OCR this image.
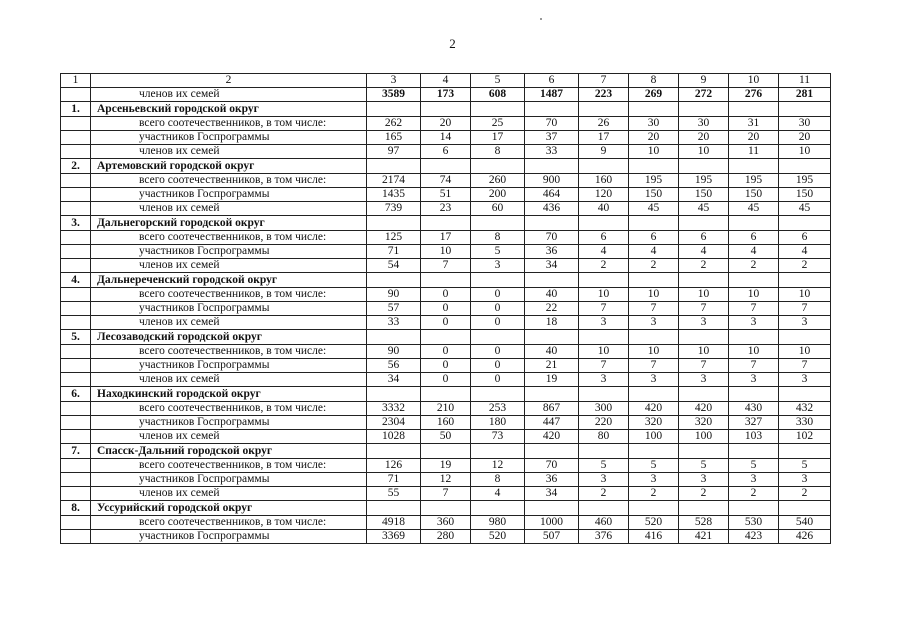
2
1	2	3	4	5	6	7	8	9	10	11
	членов их семей	3589	173	608	1487	223	269	272	276	281
1.	Арсеньевский городской округ									
	всего соотечественников, в том числе:	262	20	25	70	26	30	30	31	30
	участников Госпрограммы	165	14	17	37	17	20	20	20	20
	членов их семей	97	6	8	33	9	10	10	11	10
2.	Артемовский городской округ									
	всего соотечественников, в том числе:	2174	74	260	900	160	195	195	195	195
	участников Госпрограммы	1435	51	200	464	120	150	150	150	150
	членов их семей	739	23	60	436	40	45	45	45	45
3.	Дальнегорский городской округ									
	всего соотечественников, в том числе:	125	17	8	70	6	6	6	6	6
	участников Госпрограммы	71	10	5	36	4	4	4	4	4
	членов их семей	54	7	3	34	2	2	2	2	2
4.	Дальнереченский городской округ									
	всего соотечественников, в том числе:	90	0	0	40	10	10	10	10	10
	участников Госпрограммы	57	0	0	22	7	7	7	7	7
	членов их семей	33	0	0	18	3	3	3	3	3
5.	Лесозаводский городской округ									
	всего соотечественников, в том числе:	90	0	0	40	10	10	10	10	10
	участников Госпрограммы	56	0	0	21	7	7	7	7	7
	членов их семей	34	0	0	19	3	3	3	3	3
6.	Находкинский городской округ									
	всего соотечественников, в том числе:	3332	210	253	867	300	420	420	430	432
	участников Госпрограммы	2304	160	180	447	220	320	320	327	330
	членов их семей	1028	50	73	420	80	100	100	103	102
7.	Спасск-Дальний городской округ									
	всего соотечественников, в том числе:	126	19	12	70	5	5	5	5	5
	участников Госпрограммы	71	12	8	36	3	3	3	3	3
	членов их семей	55	7	4	34	2	2	2	2	2
8.	Уссурийский городской округ									
	всего соотечественников, в том числе:	4918	360	980	1000	460	520	528	530	540
	участников Госпрограммы	3369	280	520	507	376	416	421	423	426
